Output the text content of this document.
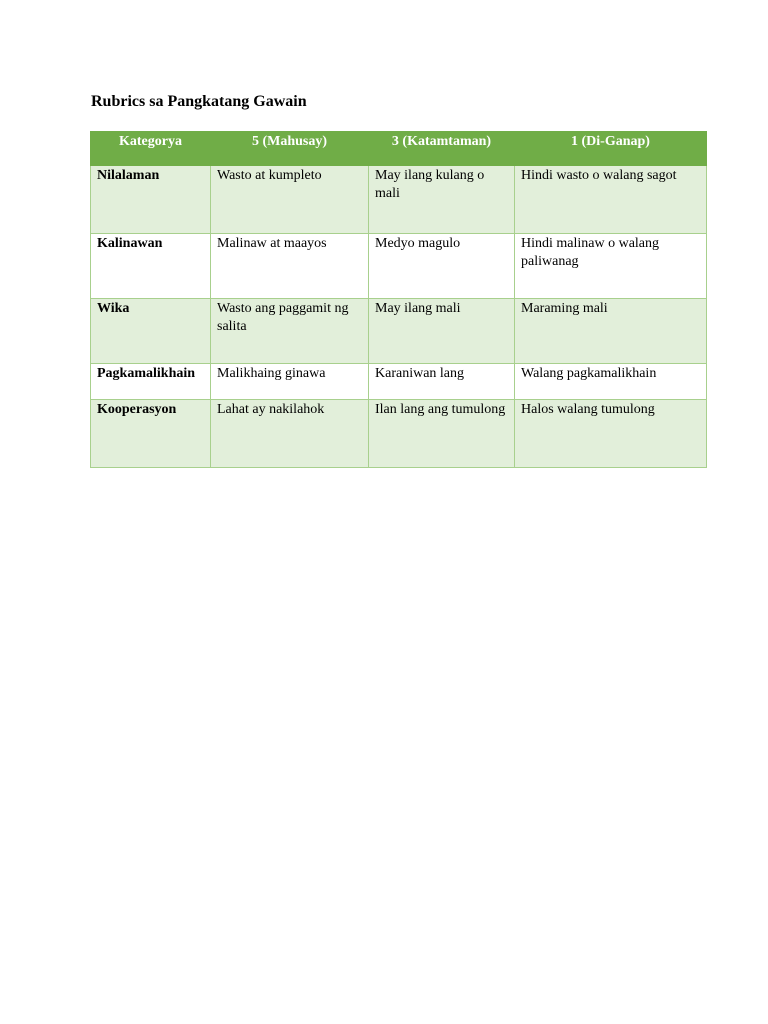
Rubrics sa Pangkatang Gawain
Kategorya	5 (Mahusay)	3 (Katamtaman)	1 (Di-Ganap)
Nilalaman	Wasto at kumpleto	May ilang kulang o mali	Hindi wasto o walang sagot
Kalinawan	Malinaw at maayos	Medyo magulo	Hindi malinaw o walang paliwanag
Wika	Wasto ang paggamit ng salita	May ilang mali	Maraming mali
Pagkamalikhain	Malikhaing ginawa	Karaniwan lang	Walang pagkamalikhain
Kooperasyon	Lahat ay nakilahok	Ilan lang ang tumulong	Halos walang tumulong
